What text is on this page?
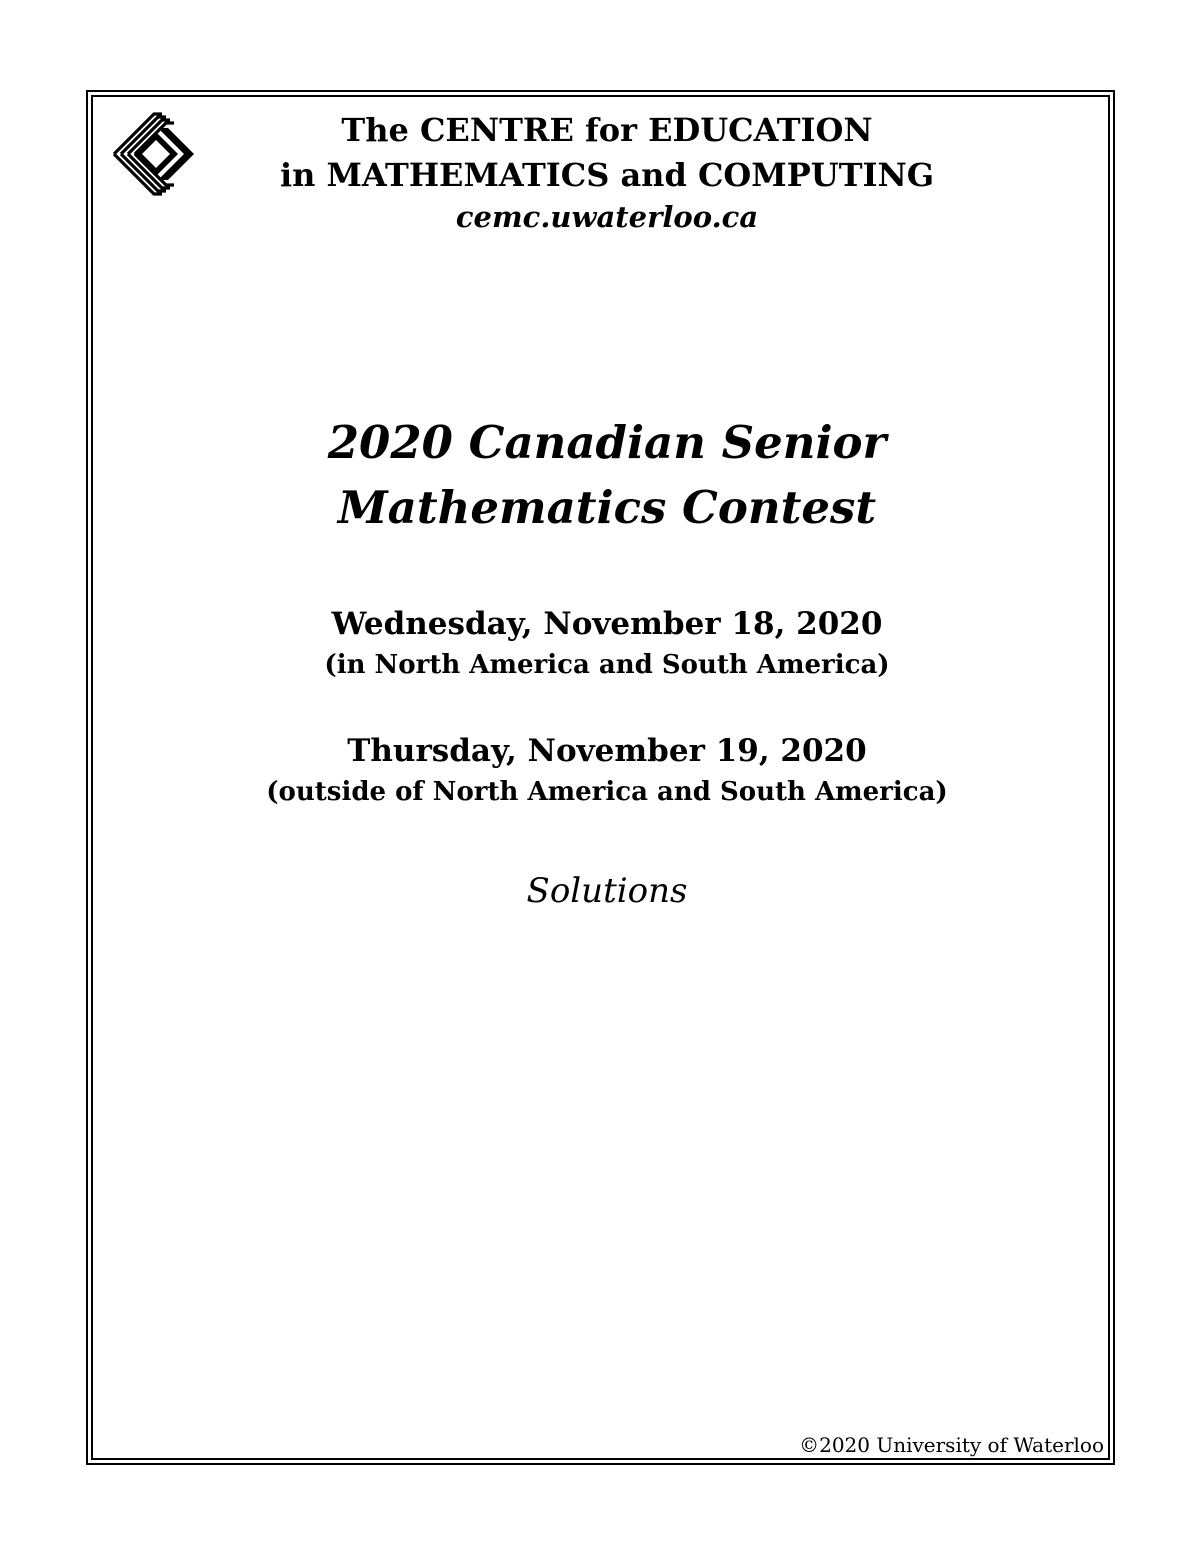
The CENTRE for EDUCATION
in MATHEMATICS and COMPUTING
cemc.uwaterloo.ca
2020 Canadian Senior
Mathematics Contest
Wednesday, November 18, 2020
(in North America and South America)
Thursday, November 19, 2020
(outside of North America and South America)
Solutions
©2020 University of Waterloo
